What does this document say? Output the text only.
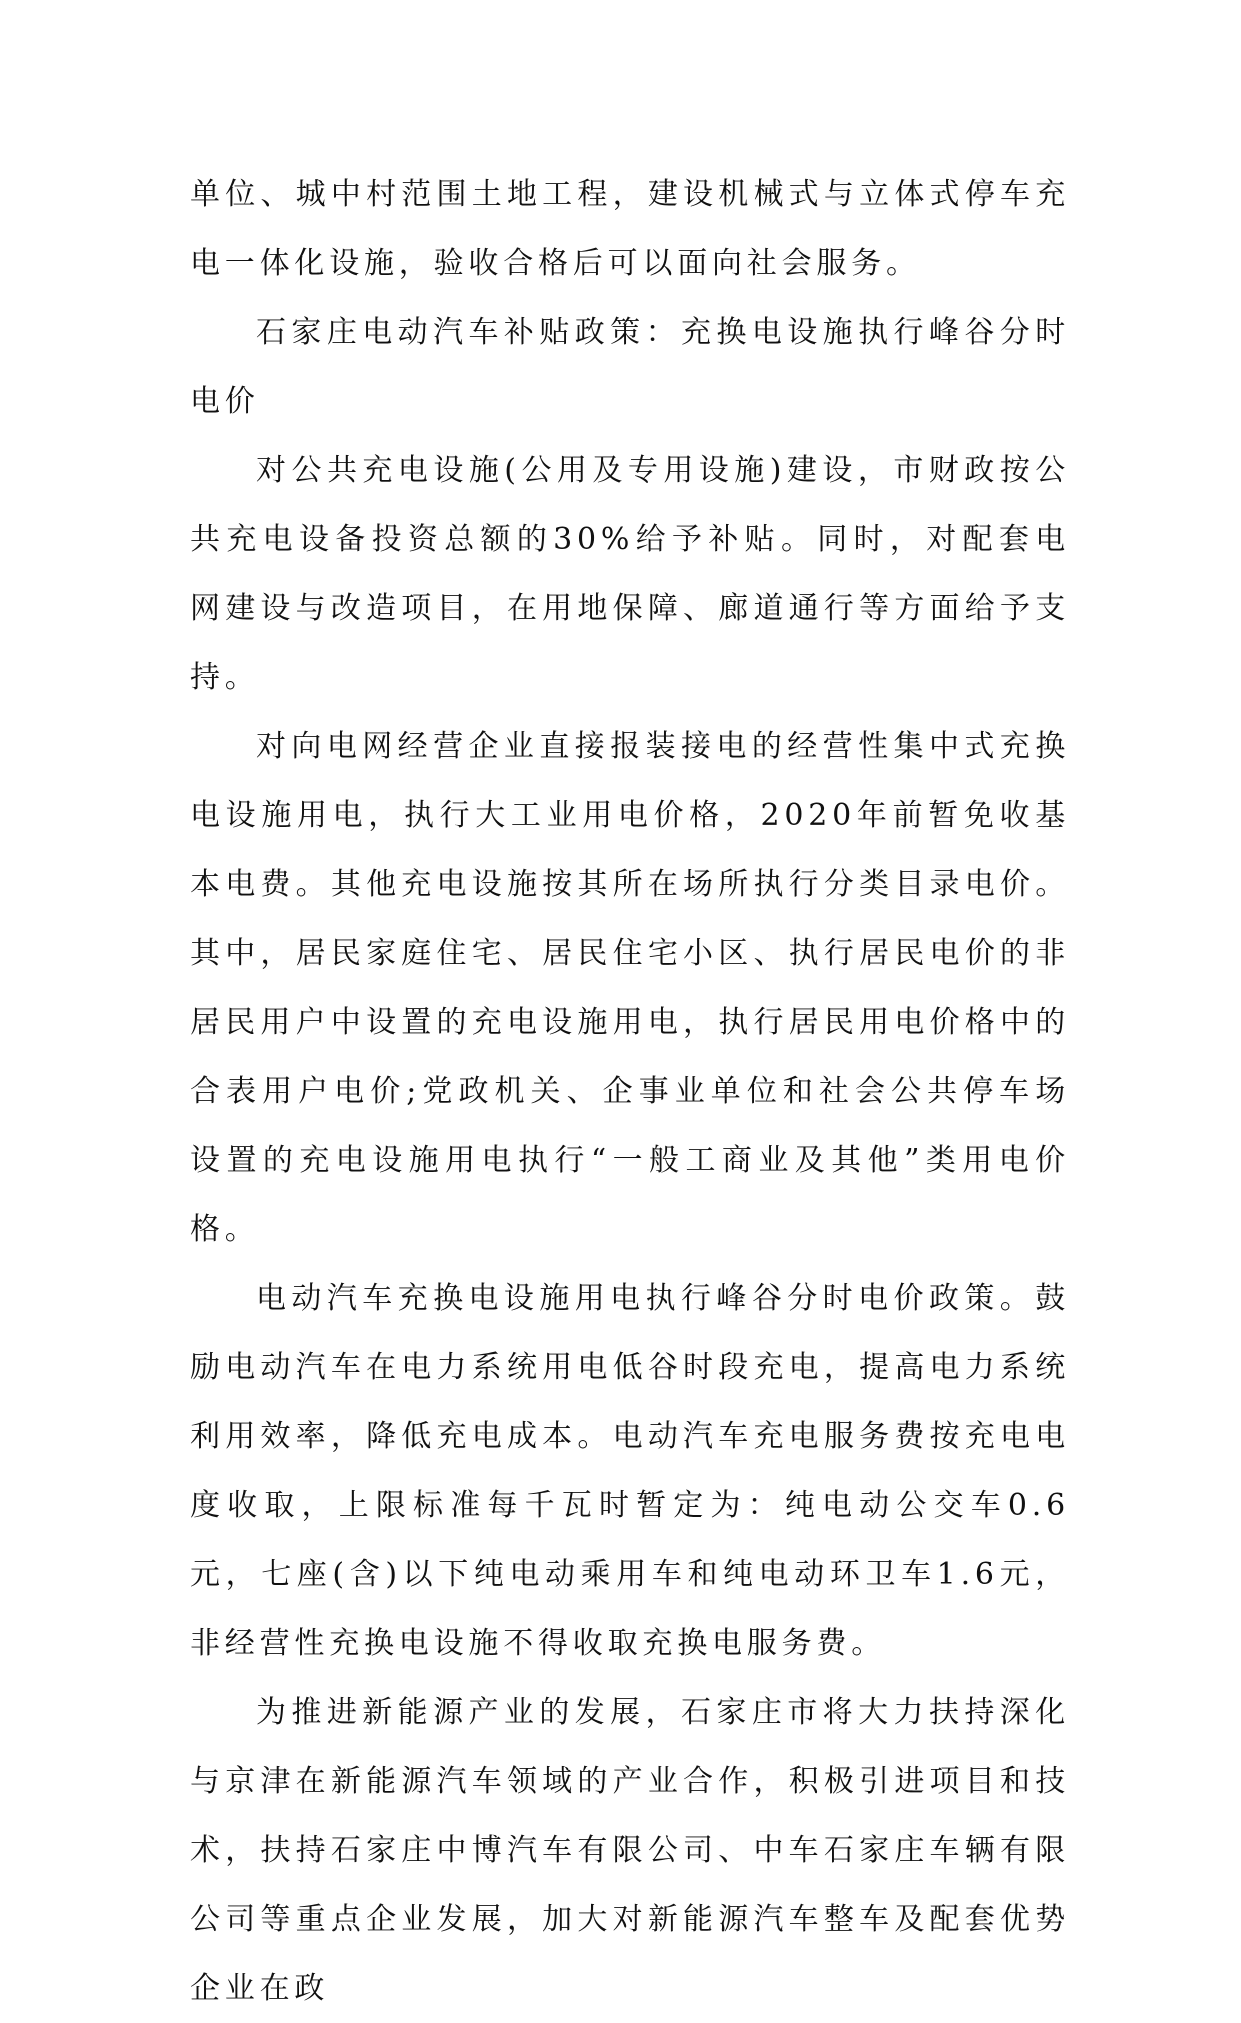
单位、城中村范围土地工程，建设机械式与立体式停车充电一体化设施，验收合格后可以面向社会服务。

石家庄电动汽车补贴政策：充换电设施执行峰谷分时电价

对公共充电设施(公用及专用设施)建设，市财政按公共充电设备投资总额的30%给予补贴。同时，对配套电网建设与改造项目，在用地保障、廊道通行等方面给予支持。

对向电网经营企业直接报装接电的经营性集中式充换电设施用电，执行大工业用电价格，2020年前暂免收基本电费。其他充电设施按其所在场所执行分类目录电价。其中，居民家庭住宅、居民住宅小区、执行居民电价的非居民用户中设置的充电设施用电，执行居民用电价格中的合表用户电价;党政机关、企事业单位和社会公共停车场设置的充电设施用电执行“一般工商业及其他”类用电价格。

电动汽车充换电设施用电执行峰谷分时电价政策。鼓励电动汽车在电力系统用电低谷时段充电，提高电力系统利用效率，降低充电成本。电动汽车充电服务费按充电电度收取，上限标准每千瓦时暂定为：纯电动公交车0.6元，七座(含)以下纯电动乘用车和纯电动环卫车1.6元，非经营性充换电设施不得收取充换电服务费。

为推进新能源产业的发展，石家庄市将大力扶持深化与京津在新能源汽车领域的产业合作，积极引进项目和技术，扶持石家庄中博汽车有限公司、中车石家庄车辆有限公司等重点企业发展，加大对新能源汽车整车及配套优势企业在政
